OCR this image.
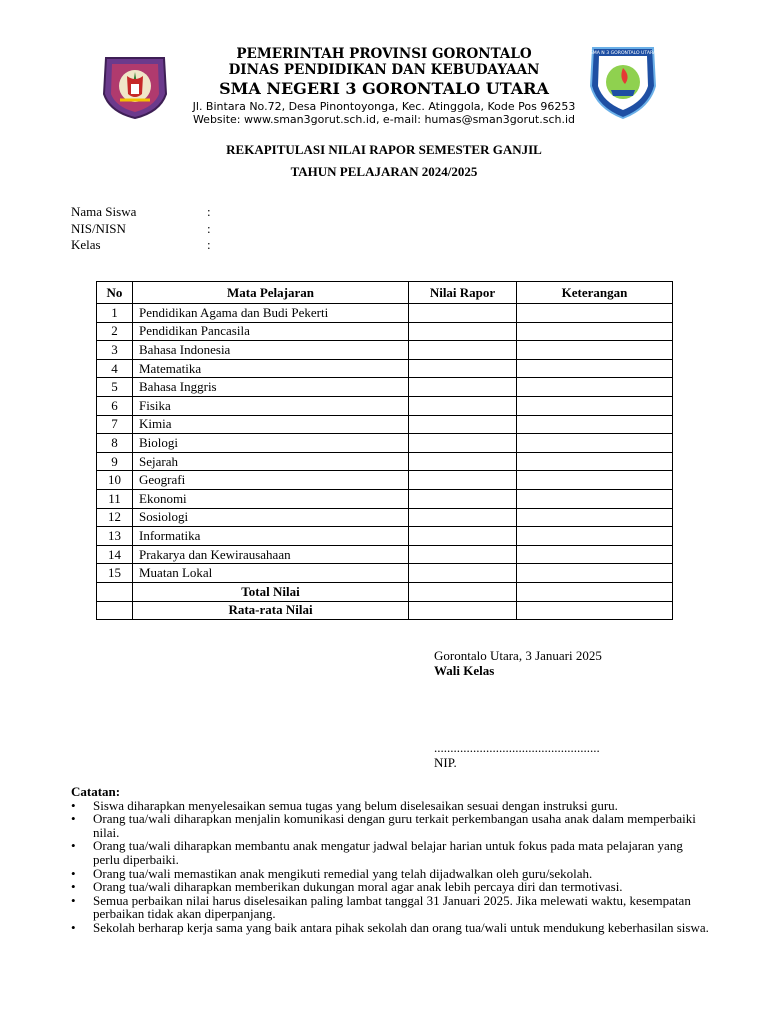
PEMERINTAH PROVINSI GORONTALO
DINAS PENDIDIKAN DAN KEBUDAYAAN
SMA NEGERI 3 GORONTALO UTARA
Jl. Bintara No.72, Desa Pinontoyonga, Kec. Atinggola, Kode Pos 96253
Website: www.sman3gorut.sch.id, e-mail: humas@sman3gorut.sch.id
SMA N 3 GORONTALO UTARA
REKAPITULASI NILAI RAPOR SEMESTER GANJIL
TAHUN PELAJARAN 2024/2025
Nama Siswa	:
NIS/NISN	:
Kelas	:
No	Mata Pelajaran	Nilai Rapor	Keterangan
1	Pendidikan Agama dan Budi Pekerti		
2	Pendidikan Pancasila		
3	Bahasa Indonesia		
4	Matematika		
5	Bahasa Inggris		
6	Fisika		
7	Kimia		
8	Biologi		
9	Sejarah		
10	Geografi		
11	Ekonomi		
12	Sosiologi		
13	Informatika		
14	Prakarya dan Kewirausahaan		
15	Muatan Lokal		
	Total Nilai		
	Rata-rata Nilai		
Gorontalo Utara, 3 Januari 2025
Wali Kelas
...................................................
NIP.
Catatan:
• Siswa diharapkan menyelesaikan semua tugas yang belum diselesaikan sesuai dengan instruksi guru.
• Orang tua/wali diharapkan menjalin komunikasi dengan guru terkait perkembangan usaha anak dalam memperbaiki nilai.
• Orang tua/wali diharapkan membantu anak mengatur jadwal belajar harian untuk fokus pada mata pelajaran yang perlu diperbaiki.
• Orang tua/wali memastikan anak mengikuti remedial yang telah dijadwalkan oleh guru/sekolah.
• Orang tua/wali diharapkan memberikan dukungan moral agar anak lebih percaya diri dan termotivasi.
• Semua perbaikan nilai harus diselesaikan paling lambat tanggal 31 Januari 2025. Jika melewati waktu, kesempatan perbaikan tidak akan diperpanjang.
• Sekolah berharap kerja sama yang baik antara pihak sekolah dan orang tua/wali untuk mendukung keberhasilan siswa.
